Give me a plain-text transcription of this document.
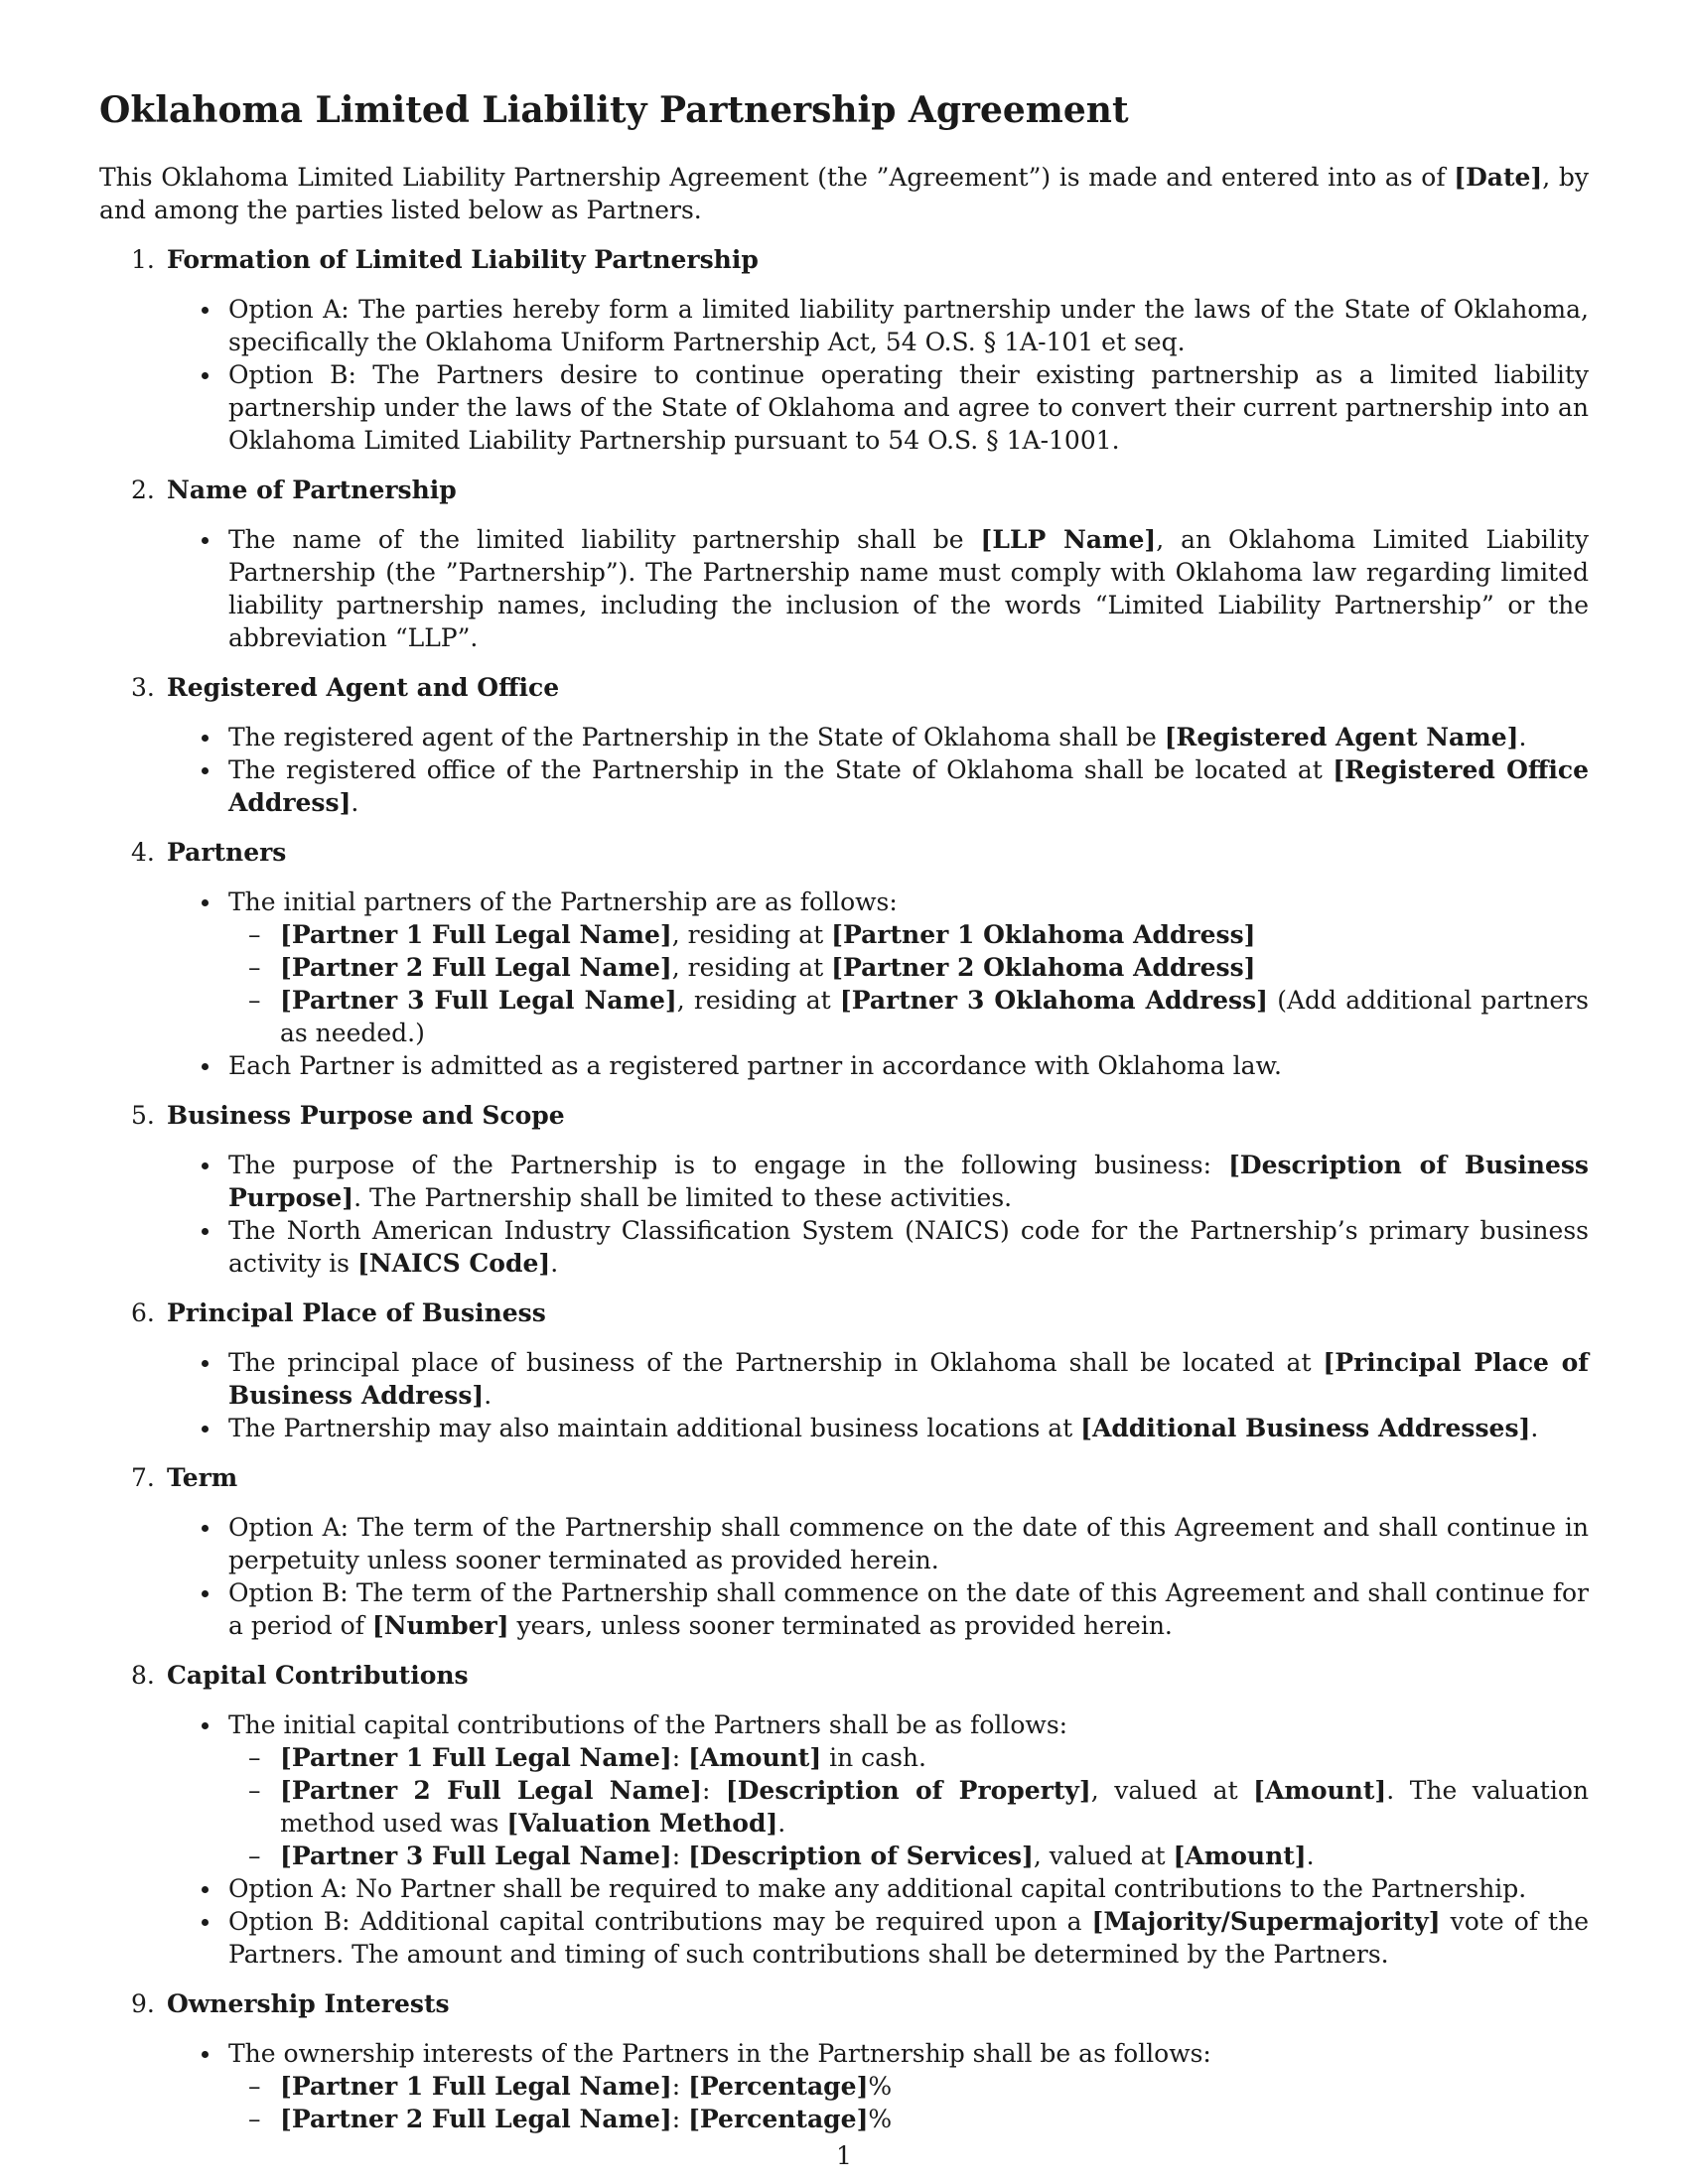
Oklahoma Limited Liability Partnership Agreement

This Oklahoma Limited Liability Partnership Agreement (the ”Agreement”) is made and entered into as of [Date], by and among the parties listed below as Partners.

1. Formation of Limited Liability Partnership
Option A: The parties hereby form a limited liability partnership under the laws of the State of Oklahoma, specifically the Oklahoma Uniform Partnership Act, 54 O.S. § 1A-101 et seq.
Option B: The Partners desire to continue operating their existing partnership as a limited liability partnership under the laws of the State of Oklahoma and agree to convert their current partnership into an Oklahoma Limited Liability Partnership pursuant to 54 O.S. § 1A-1001.
2. Name of Partnership
The name of the limited liability partnership shall be [LLP Name], an Oklahoma Limited Liability Partnership (the ”Partnership”). The Partnership name must comply with Oklahoma law regarding limited liability partnership names, including the inclusion of the words “Limited Liability Partnership” or the abbreviation “LLP”.
3. Registered Agent and Office
The registered agent of the Partnership in the State of Oklahoma shall be [Registered Agent Name].
The registered office of the Partnership in the State of Oklahoma shall be located at [Registered Office Address].
4. Partners
The initial partners of the Partnership are as follows:
– [Partner 1 Full Legal Name], residing at [Partner 1 Oklahoma Address]
– [Partner 2 Full Legal Name], residing at [Partner 2 Oklahoma Address]
– [Partner 3 Full Legal Name], residing at [Partner 3 Oklahoma Address] (Add additional partners as needed.)
Each Partner is admitted as a registered partner in accordance with Oklahoma law.
5. Business Purpose and Scope
The purpose of the Partnership is to engage in the following business: [Description of Business Purpose]. The Partnership shall be limited to these activities.
The North American Industry Classification System (NAICS) code for the Partnership’s primary business activity is [NAICS Code].
6. Principal Place of Business
The principal place of business of the Partnership in Oklahoma shall be located at [Principal Place of Business Address].
The Partnership may also maintain additional business locations at [Additional Business Addresses].
7. Term
Option A: The term of the Partnership shall commence on the date of this Agreement and shall continue in perpetuity unless sooner terminated as provided herein.
Option B: The term of the Partnership shall commence on the date of this Agreement and shall continue for a period of [Number] years, unless sooner terminated as provided herein.
8. Capital Contributions
The initial capital contributions of the Partners shall be as follows:
– [Partner 1 Full Legal Name]: [Amount] in cash.
– [Partner 2 Full Legal Name]: [Description of Property], valued at [Amount]. The valuation method used was [Valuation Method].
– [Partner 3 Full Legal Name]: [Description of Services], valued at [Amount].
Option A: No Partner shall be required to make any additional capital contributions to the Partnership.
Option B: Additional capital contributions may be required upon a [Majority/Supermajority] vote of the Partners. The amount and timing of such contributions shall be determined by the Partners.
9. Ownership Interests
The ownership interests of the Partners in the Partnership shall be as follows:
– [Partner 1 Full Legal Name]: [Percentage]%
– [Partner 2 Full Legal Name]: [Percentage]%
1
